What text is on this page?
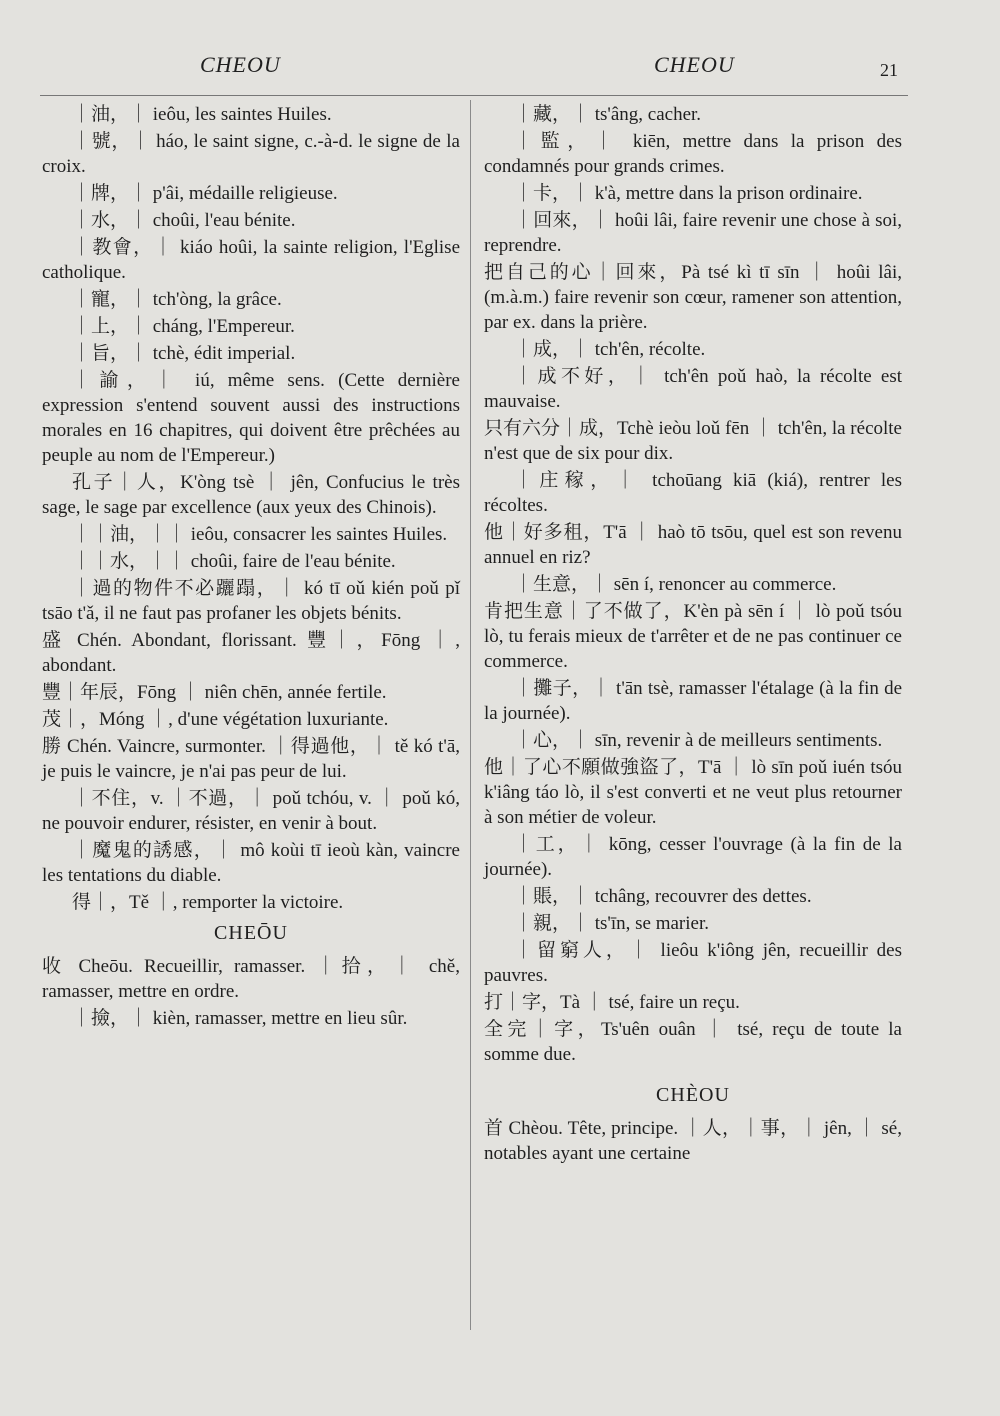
CHEOU	CHEOU	21
｜油，｜ ieôu, les saintes Huiles.
｜號，｜ háo, le saint signe, c.-à-d. le signe de la croix.
｜牌，｜ p'âi, médaille religieuse.
｜水，｜ choûi, l'eau bénite.
｜教會，｜ kiáo hoûi, la sainte religion, l'Eglise catholique.
｜寵，｜ tch'òng, la grâce.
｜上，｜ cháng, l'Empereur.
｜旨，｜ tchè, édit imperial.
｜諭，｜ iú, même sens. (Cette dernière expression s'entend souvent aussi des instructions morales en 16 chapitres, qui doivent être prêchées au peuple au nom de l'Empereur.)
孔子｜人，K'òng tsè ｜ jên, Confucius le très sage, le sage par excellence (aux yeux des Chinois).
｜｜油，｜｜ ieôu, consacrer les saintes Huiles.
｜｜水，｜｜ choûi, faire de l'eau bénite.
｜過的物件不必躧蹋，｜ kó tī oǔ kién poǔ pǐ tsāo t'ǎ, il ne faut pas profaner les objets bénits.
盛 Chén. Abondant, florissant. 豐｜，Fōng ｜, abondant.
豐｜年辰，Fōng ｜ niên chēn, année fertile.
茂｜，Móng ｜, d'une végétation luxuriante.
勝 Chén. Vaincre, surmonter. ｜得過他，｜ tě kó t'ā, je puis le vaincre, je n'ai pas peur de lui.
｜不住，v. ｜不過，｜ poǔ tchóu, v. ｜ poǔ kó, ne pouvoir endurer, résister, en venir à bout.
｜魔鬼的誘感，｜ mô koùi tī ieoù kàn, vaincre les tentations du diable.
得｜，Tě ｜, remporter la victoire.
CHEŌU
收 Cheōu. Recueillir, ramasser. ｜拾，｜ chě, ramasser, mettre en ordre.
｜撿，｜ kièn, ramasser, mettre en lieu sûr.
｜藏，｜ ts'âng, cacher.
｜監，｜ kiēn, mettre dans la prison des condamnés pour grands crimes.
｜卡，｜ k'à, mettre dans la prison ordinaire.
｜回來，｜ hoûi lâi, faire revenir une chose à soi, reprendre.
把自己的心｜回來，Pà tsé kì tī sīn ｜ hoûi lâi, (m.à.m.) faire revenir son cœur, ramener son attention, par ex. dans la prière.
｜成，｜ tch'ên, récolte.
｜成不好，｜ tch'ên poǔ haò, la récolte est mauvaise.
只有六分｜成，Tchè ieòu loǔ fēn ｜ tch'ên, la récolte n'est que de six pour dix.
｜庄稼，｜ tchoūang kiā (kiá), rentrer les récoltes.
他｜好多租，T'ā ｜ haò tō tsōu, quel est son revenu annuel en riz?
｜生意，｜ sēn í, renoncer au commerce.
肯把生意｜了不做了，K'èn pà sēn í ｜ lò poǔ tsóu lò, tu ferais mieux de t'arrêter et de ne pas continuer ce commerce.
｜攤子，｜ t'ān tsè, ramasser l'étalage (à la fin de la journée).
｜心，｜ sīn, revenir à de meilleurs sentiments.
他｜了心不願做強盜了，T'ā ｜ lò sīn poǔ iuén tsóu k'iâng táo lò, il s'est converti et ne veut plus retourner à son métier de voleur.
｜工，｜ kōng, cesser l'ouvrage (à la fin de la journée).
｜賬，｜ tchâng, recouvrer des dettes.
｜親，｜ ts'īn, se marier.
｜留窮人，｜ lieôu k'iông jên, recueillir des pauvres.
打｜字，Tà ｜ tsé, faire un reçu.
全完｜字，Ts'uên ouân ｜ tsé, reçu de toute la somme due.
CHÈOU
首 Chèou. Tête, principe. ｜人，｜事，｜ jên, ｜ sé, notables ayant une certaine
